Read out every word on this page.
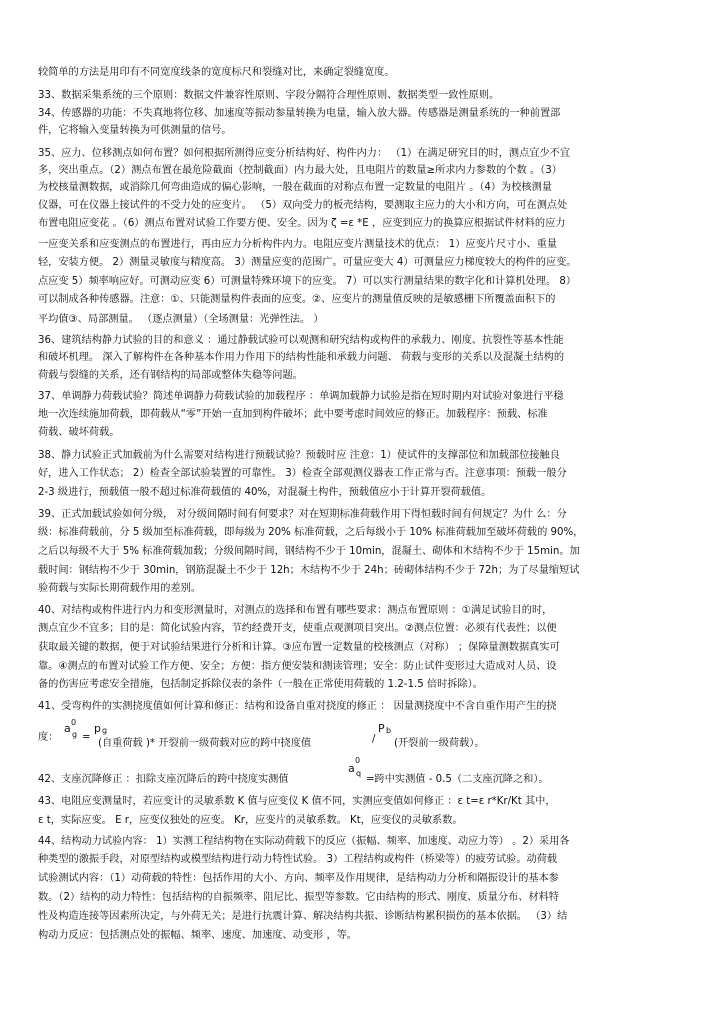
较简单的方法是用印有不同宽度线条的宽度标尺和裂缝对比，来确定裂缝宽度。
33、数据采集系统的三个原则：数据文件兼容性原则、字段分隔符合理性原则、数据类型一致性原则。
34、传感器的功能：不失真地将位移、加速度等振动参量转换为电量，输入放大器。传感器是测量系统的一种前置部
件，它将输入变量转换为可供测量的信号。
35、应力、位移测点如何布置？如何根据所测得应变分析结构好、构件内力： （1）在满足研究目的时，测点宜少不宜
多，突出重点。（2）测点布置在最危险截面（控制截面）内力最大处，且电阻片的数量≥所求内力参数的个数 。（3）
为校核量测数据，或消除几何弯曲造成的偏心影响，一般在截面的对称点布置一定数量的电阻片 。（4）为校核测量
仪器，可在仪器上接试件的不受力处的应变片。 （5）双向受力的板壳结构，要测取主应力的大小和方向，可在测点处
布置电阻应变花 。（6）测点布置对试验工作要方便、安全。因为 ζ =ε *E ，应变到应力的换算应根据试件材料的应力
一应变关系和应变测点的布置进行，再由应力分析构件内力。电阻应变片测量技术的优点： 1）应变片尺寸小、重量
轻，安装方便。 2）测量灵敏度与精度高。 3）测量应变的范围广。可量应变大 4）可测量应力梯度较大的构件的应变。
点应变 5）频率响应好。可测动应变 6）可测量特殊环境下的应变。 7）可以实行测量结果的数字化和计算机处理。 8）
可以制成各种传感器。注意：①、只能测量构件表面的应变。②、应变片的测量值反映的是敏感栅下所覆盖面积下的
平均值③、局部测量。 （逐点测量）（全场测量：光弹性法。 ）
36、建筑结构静力试验的目的和意义 ：通过静载试验可以观测和研究结构或构件的承载力、刚度、抗裂性等基本性能
和破坏机理。 深入了解构件在各种基本作用力作用下的结构性能和承载力问题、 荷载与变形的关系以及混凝土结构的
荷载与裂缝的关系，还有钢结构的局部或整体失稳等问题。
37、单调静力荷载试验？简述单调静力荷载试验的加载程序 ：单调加载静力试验是指在短时期内对试验对象进行平稳
地一次连续施加荷载，即荷载从“零”开始一直加到构件破坏；此中要考虑时间效应的修正。加载程序：预载、标准
荷载、破坏荷载。
38、静力试验正式加载前为什么需要对结构进行预载试验？预载时应 注意：1）使试件的支撑部位和加载部位接触良
好，进入工作状态； 2）检查全部试验装置的可靠性。 3）检查全部观测仪器表工作正常与否。注意事项：预载一般分
2-3 级进行，预载值一般不超过标准荷载值的 40%，对混凝土构件，预载值应小于计算开裂荷载值。
39、正式加载试验如何分级， 对分级间隔时间有何要求？对在短期标准荷载作用下得恒载时间有何规定？为什 么：分
级：标准荷载前，分 5 级加至标准荷载，即每级为 20% 标准荷载，之后每级小于 10% 标准荷载加至破坏荷载的 90%，
之后以每级不大于 5% 标准荷载加载；分级间隔时间，钢结构不少于 10min，混凝土、砌体和木结构不少于 15min。加
载时间：钢结构不少于 30min，钢筋混凝土不少于 12h；木结构不少于 24h；砖砌体结构不少于 72h；为了尽量缩短试
验荷载与实际长期荷载作用的差别。
40、对结构或构件进行内力和变形测量时，对测点的选择和布置有哪些要求：测点布置原则 ：①满足试验目的时，
测点宜少不宜多；目的是：简化试验内容，节约经费开支，使重点观测项目突出。②测点位置：必须有代表性；以便
获取最关键的数据，便于对试验结果进行分析和计算。③应布置一定数量的校核测点（对称） ；保障量测数据真实可
靠。④测点的布置对试验工作方便、安全；方便：指方便安装和测读管理；安全：防止试件变形过大造成对人员、设
备的伤害应考虑安全措施，包括制定拆除仪表的条件（一般在正常使用荷载的 1.2-1.5 倍时拆除）。
41、受弯构件的实测挠度值如何计算和修正：结构和设备自重对挠度的修正 ： 因量测挠度中不含自重作用产生的挠
度：
a 0
g =
p g
(自重荷载 )* 开裂前一级荷载对应的跨中挠度值	/
P b
(开裂前一级荷载）。
42、支座沉降修正 ：扣除支座沉降后的跨中挠度实测值
a
0
q
=跨中实测值 - 0.5（二支座沉降之和）。
43、电阻应变测量时，若应变计的灵敏系数 K 值与应变仪 K 值不同，实测应变值如何修正 ：ε t=ε r*Kr/Kt 其中，
ε t，实际应变。 Ε r，应变仪独处的应变。 Kr，应变片的灵敏系数。 Kt，应变仪的灵敏系数。
44、结构动力试验内容： 1）实测工程结构物在实际动荷载下的反应（振幅、频率、加速度、动应力等） 。2）采用各
种类型的激振手段，对原型结构或模型结构进行动力特性试验。 3）工程结构或构件（桥梁等）的疲劳试验。动荷载
试验测试内容：（1）动荷载的特性：包括作用的大小、方向、频率及作用规律，是结构动力分析和隔振设计的基本参
数。（2）结构的动力特性：包括结构的自振频率、阻尼比、振型等参数。它由结构的形式、刚度、质量分布、材料特
性及构造连接等因素所决定，与外荷无关；是进行抗震计算、解决结构共振、诊断结构累积损伤的基本依据。 （3）结
构动力反应：包括测点处的振幅、频率、速度、加速度、动变形 ，等。
